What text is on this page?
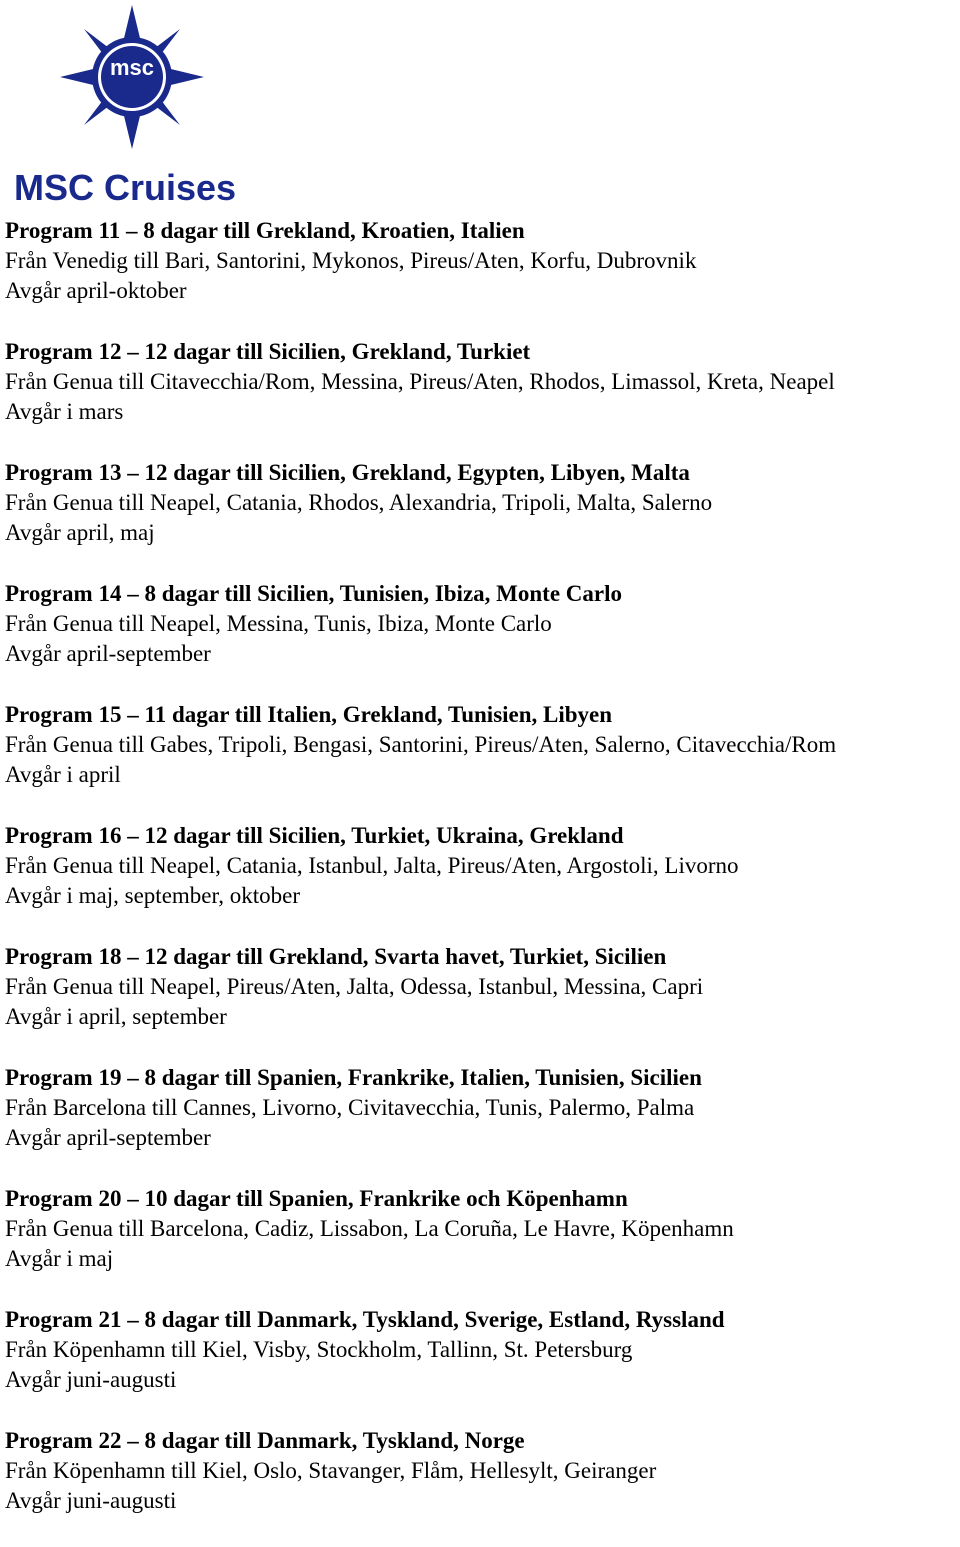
msc
MSC Cruises
Program 11 – 8 dagar till Grekland, Kroatien, Italien
Från Venedig till Bari, Santorini, Mykonos, Pireus/Aten, Korfu, Dubrovnik
Avgår april-oktober
Program 12 – 12 dagar till Sicilien, Grekland, Turkiet
Från Genua till Citavecchia/Rom, Messina, Pireus/Aten, Rhodos, Limassol, Kreta, Neapel
Avgår i mars
Program 13 – 12 dagar till Sicilien, Grekland, Egypten, Libyen, Malta
Från Genua till Neapel, Catania, Rhodos, Alexandria, Tripoli, Malta, Salerno
Avgår april, maj
Program 14 – 8 dagar till Sicilien, Tunisien, Ibiza, Monte Carlo
Från Genua till Neapel, Messina, Tunis, Ibiza, Monte Carlo
Avgår april-september
Program 15 – 11 dagar till Italien, Grekland, Tunisien, Libyen
Från Genua till Gabes, Tripoli, Bengasi, Santorini, Pireus/Aten, Salerno, Citavecchia/Rom
Avgår i april
Program 16 – 12 dagar till Sicilien, Turkiet, Ukraina, Grekland
Från Genua till Neapel, Catania, Istanbul, Jalta, Pireus/Aten, Argostoli, Livorno
Avgår i maj, september, oktober
Program 18 – 12 dagar till Grekland, Svarta havet, Turkiet, Sicilien
Från Genua till Neapel, Pireus/Aten, Jalta, Odessa, Istanbul, Messina, Capri
Avgår i april, september
Program 19 – 8 dagar till Spanien, Frankrike, Italien, Tunisien, Sicilien
Från Barcelona till Cannes, Livorno, Civitavecchia, Tunis, Palermo, Palma
Avgår april-september
Program 20 – 10 dagar till Spanien, Frankrike och Köpenhamn
Från Genua till Barcelona, Cadiz, Lissabon, La Coruña, Le Havre, Köpenhamn
Avgår i maj
Program 21 – 8 dagar till Danmark, Tyskland, Sverige, Estland, Ryssland
Från Köpenhamn till Kiel, Visby, Stockholm, Tallinn, St. Petersburg
Avgår juni-augusti
Program 22 – 8 dagar till Danmark, Tyskland, Norge
Från Köpenhamn till Kiel, Oslo, Stavanger, Flåm, Hellesylt, Geiranger
Avgår juni-augusti
